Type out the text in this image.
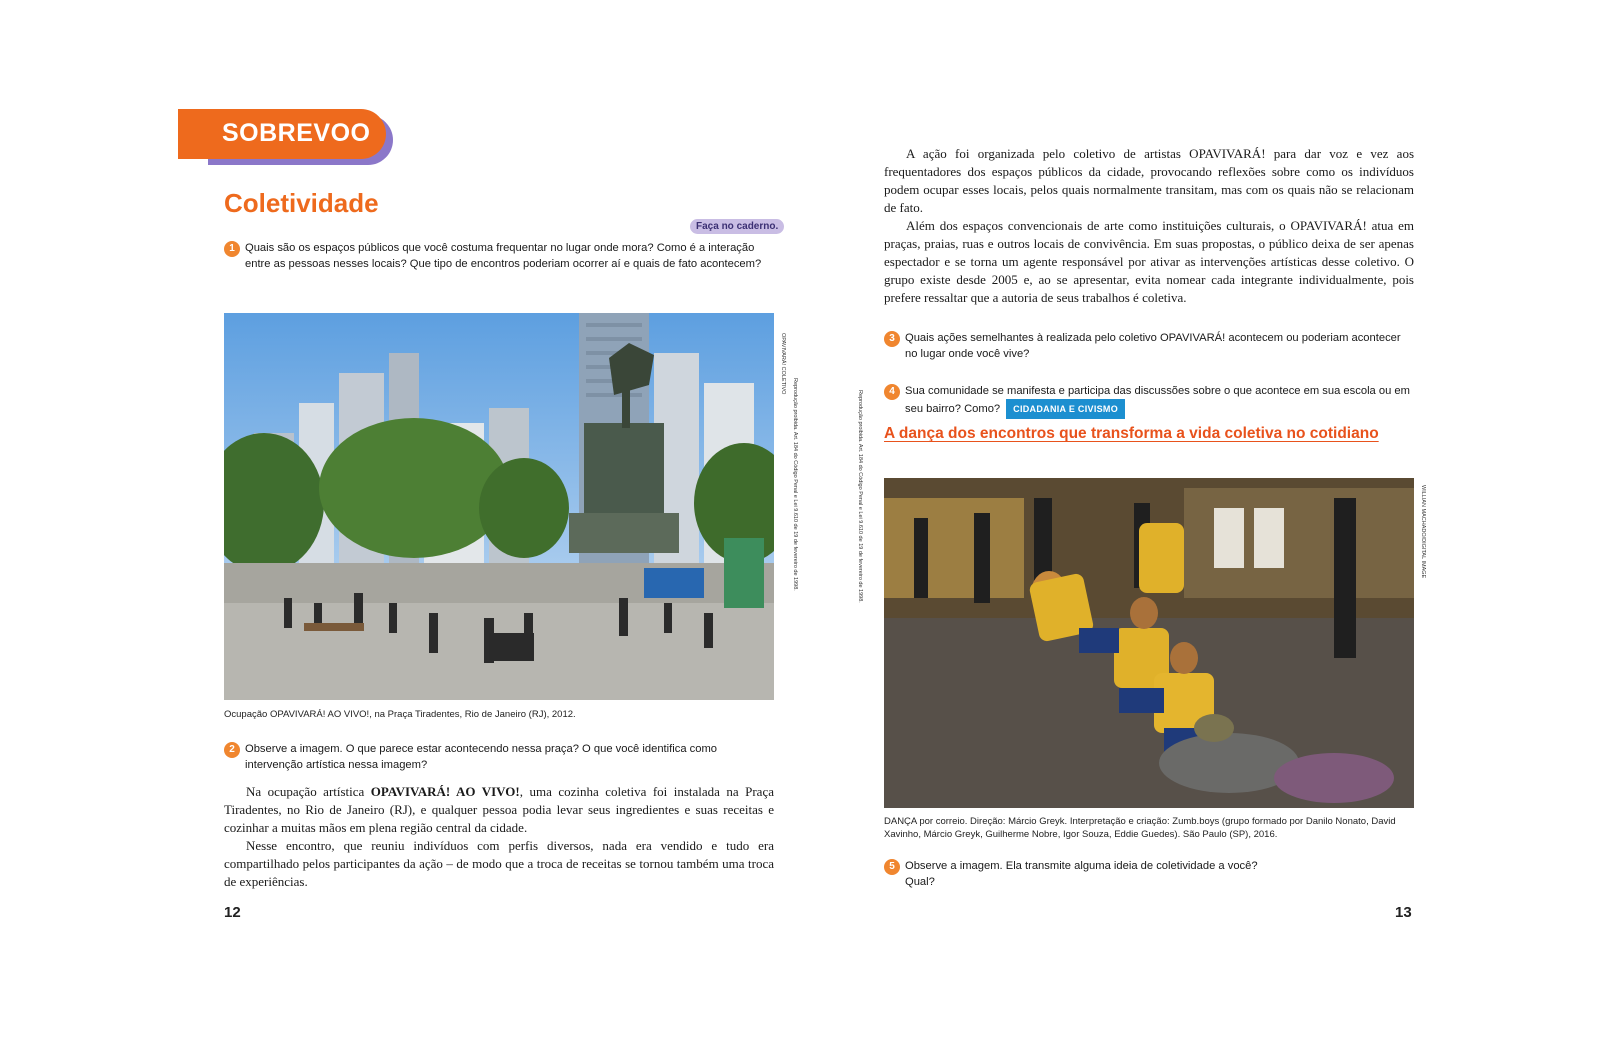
SOBREVOO
Coletividade
Faça no caderno.
1 Quais são os espaços públicos que você costuma frequentar no lugar onde mora? Como é a interação entre as pessoas nesses locais? Que tipo de encontros poderiam ocorrer aí e quais de fato acontecem?
OPAVIVARÁ! COLETIVO
Reprodução proibida. Art. 184 do Código Penal e Lei 9.610 de 19 de fevereiro de 1998.
Ocupação OPAVIVARÁ! AO VIVO!, na Praça Tiradentes, Rio de Janeiro (RJ), 2012.
2 Observe a imagem. O que parece estar acontecendo nessa praça? O que você identifica como intervenção artística nessa imagem?

Na ocupação artística OPAVIVARÁ! AO VIVO!, uma cozinha coletiva foi instalada na Praça Tiradentes, no Rio de Janeiro (RJ), e qualquer pessoa podia levar seus ingredientes e suas receitas e cozinhar a muitas mãos em plena região central da cidade.

Nesse encontro, que reuniu indivíduos com perfis diversos, nada era vendido e tudo era compartilhado pelos participantes da ação – de modo que a troca de receitas se tornou também uma troca de experiências.

12
Reprodução proibida. Art. 184 do Código Penal e Lei 9.610 de 19 de fevereiro de 1998.

A ação foi organizada pelo coletivo de artistas OPAVIVARÁ! para dar voz e vez aos frequentadores dos espaços públicos da cidade, provocando reflexões sobre como os indivíduos podem ocupar esses locais, pelos quais normalmente transitam, mas com os quais não se relacionam de fato.

Além dos espaços convencionais de arte como instituições culturais, o OPAVIVARÁ! atua em praças, praias, ruas e outros locais de convivência. Em suas propostas, o público deixa de ser apenas espectador e se torna um agente responsável por ativar as intervenções artísticas desse coletivo. O grupo existe desde 2005 e, ao se apresentar, evita nomear cada integrante individualmente, pois prefere ressaltar que a autoria de seus trabalhos é coletiva.

3 Quais ações semelhantes à realizada pelo coletivo OPAVIVARÁ! acontecem ou poderiam acontecer no lugar onde você vive?
4 Sua comunidade se manifesta e participa das discussões sobre o que acontece em sua escola ou em seu bairro? Como? CIDADANIA E CIVISMO
A dança dos encontros que transforma a vida coletiva no cotidiano
WILLIAN MACHADO/DIGITAL IMAGE
DANÇA por correio. Direção: Márcio Greyk. Interpretação e criação: Zumb.boys (grupo formado por Danilo Nonato, David Xavinho, Márcio Greyk, Guilherme Nobre, Igor Souza, Eddie Guedes). São Paulo (SP), 2016.
5 Observe a imagem. Ela transmite alguma ideia de coletividade a você? Qual?
13
